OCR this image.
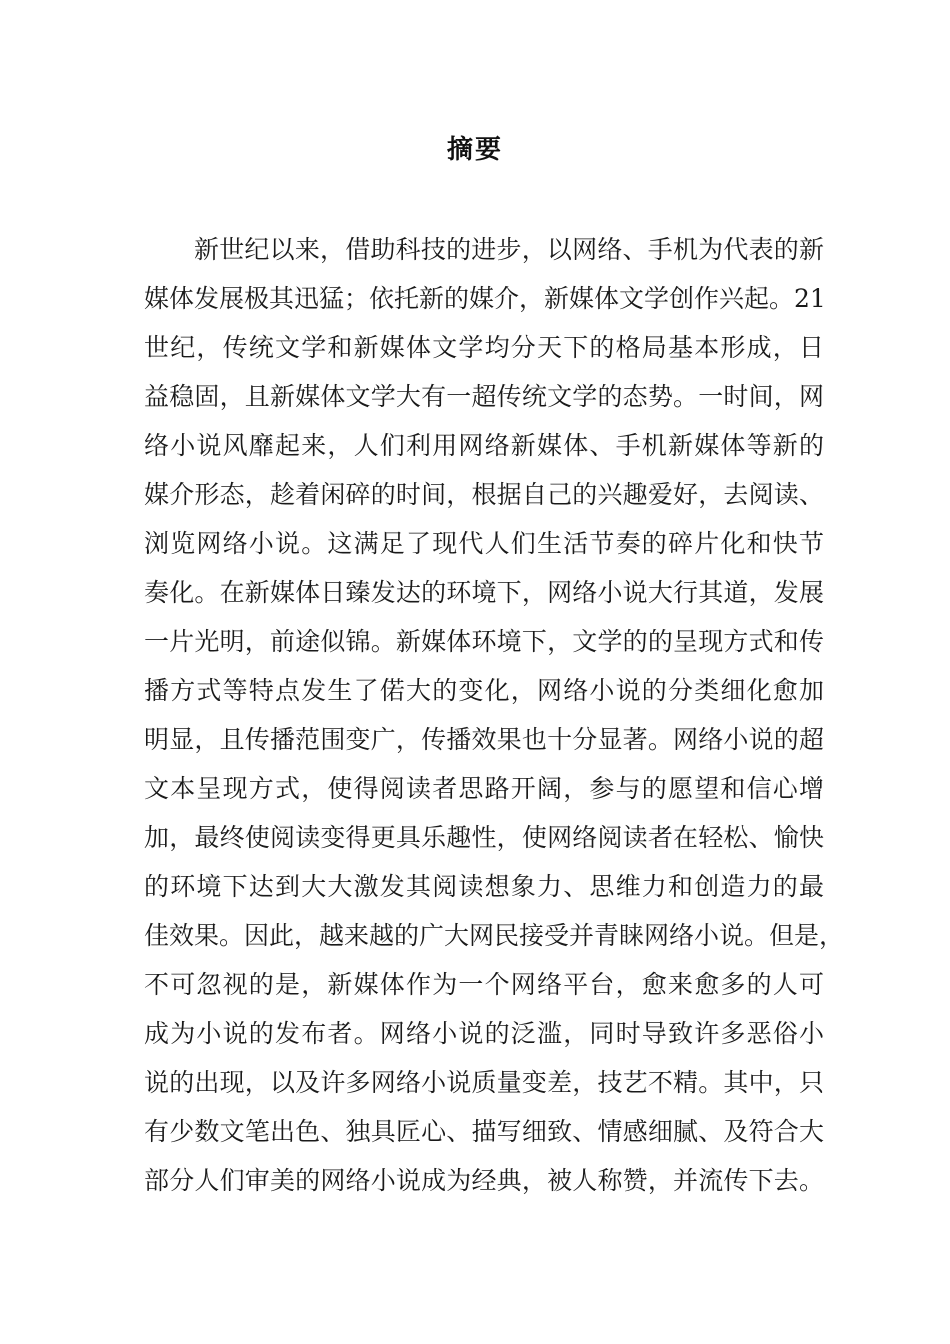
摘要
新世纪以来，借助科技的进步，以网络、手机为代表的新
媒体发展极其迅猛；依托新的媒介，新媒体文学创作兴起。21
世纪，传统文学和新媒体文学均分天下的格局基本形成，日
益稳固，且新媒体文学大有一超传统文学的态势。一时间，网
络小说风靡起来，人们利用网络新媒体、手机新媒体等新的
媒介形态，趁着闲碎的时间，根据自己的兴趣爱好，去阅读、
浏览网络小说。这满足了现代人们生活节奏的碎片化和快节
奏化。在新媒体日臻发达的环境下，网络小说大行其道，发展
一片光明，前途似锦。新媒体环境下，文学的的呈现方式和传
播方式等特点发生了偌大的变化，网络小说的分类细化愈加
明显，且传播范围变广，传播效果也十分显著。网络小说的超
文本呈现方式，使得阅读者思路开阔，参与的愿望和信心增
加，最终使阅读变得更具乐趣性，使网络阅读者在轻松、愉快
的环境下达到大大激发其阅读想象力、思维力和创造力的最
佳效果。因此，越来越的广大网民接受并青睐网络小说。但是，
不可忽视的是，新媒体作为一个网络平台，愈来愈多的人可
成为小说的发布者。网络小说的泛滥，同时导致许多恶俗小
说的出现，以及许多网络小说质量变差，技艺不精。其中，只
有少数文笔出色、独具匠心、描写细致、情感细腻、及符合大
部分人们审美的网络小说成为经典，被人称赞，并流传下去。
